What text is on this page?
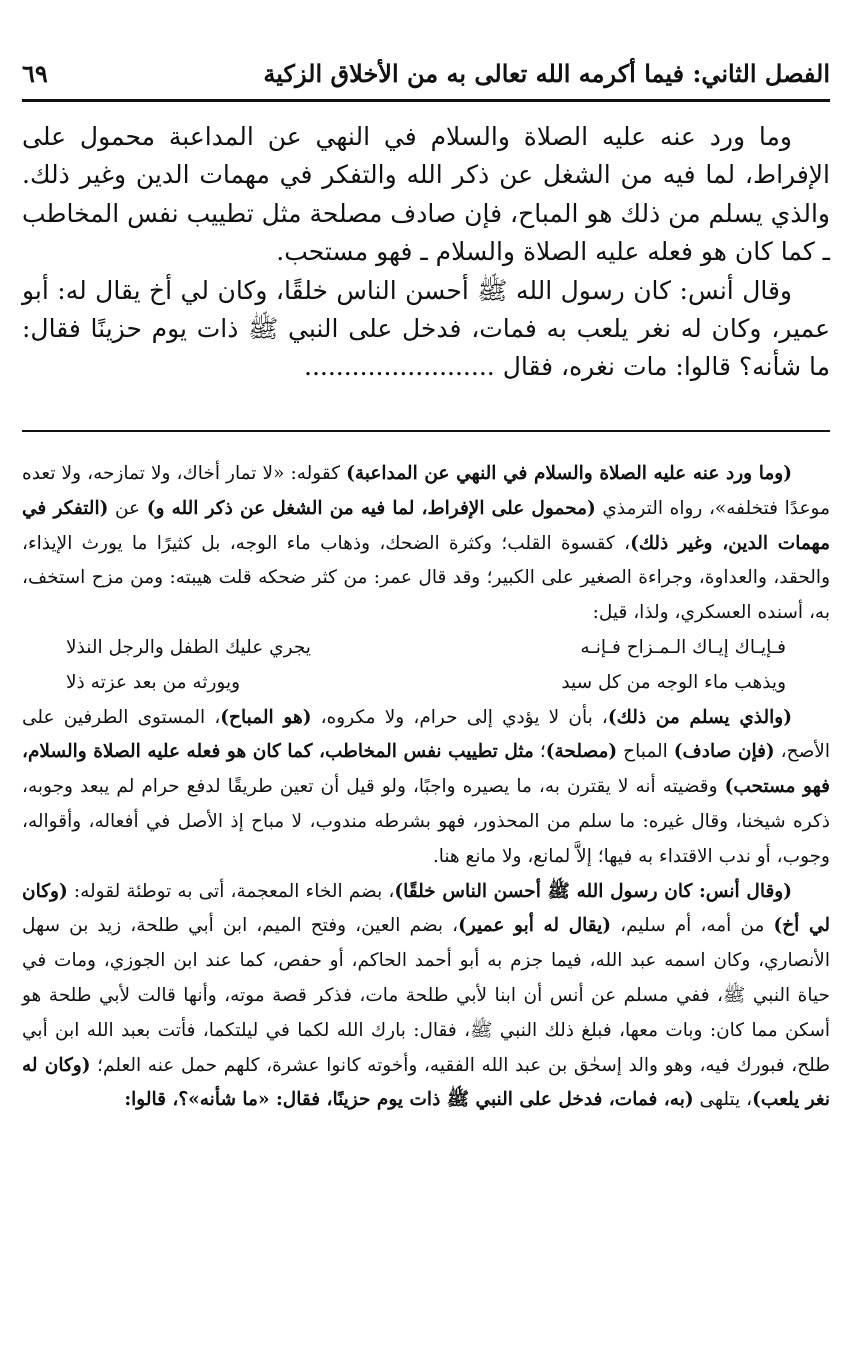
٦٩	الفصل الثاني: فيما أكرمه الله تعالى به من الأخلاق الزكية

وما ورد عنه عليه الصلاة والسلام في النهي عن المداعبة محمول على الإفراط، لما فيه من الشغل عن ذكر الله والتفكر في مهمات الدين وغير ذلك. والذي يسلم من ذلك هو المباح، فإن صادف مصلحة مثل تطييب نفس المخاطب ـ كما كان هو فعله عليه الصلاة والسلام ـ فهو مستحب.

وقال أنس: كان رسول الله ﷺ أحسن الناس خلقًا، وكان لي أخ يقال له: أبو عمير، وكان له نغر يلعب به فمات، فدخل على النبي ﷺ ذات يوم حزينًا فقال: ما شأنه؟ قالوا: مات نغره، فقال ........................

(وما ورد عنه عليه الصلاة والسلام في النهي عن المداعبة) كقوله: «لا تمار أخاك، ولا تمازحه، ولا تعده موعدًا فتخلفه»، رواه الترمذي (محمول على الإفراط، لما فيه من الشغل عن ذكر الله و) عن (التفكر في مهمات الدين، وغير ذلك)، كقسوة القلب؛ وكثرة الضحك، وذهاب ماء الوجه، بل كثيرًا ما يورث الإيذاء، والحقد، والعداوة، وجراءة الصغير على الكبير؛ وقد قال عمر: من كثر ضحكه قلت هيبته: ومن مزح استخف، به، أسنده العسكري، ولذا، قيل:

فـإيـاك إيـاك الـمـزاح فـإنـه
يجري عليك الطفل والرجل النذلا
ويذهب ماء الوجه من كل سيد
ويورثه من بعد عزته ذلا

(والذي يسلم من ذلك)، بأن لا يؤدي إلى حرام، ولا مكروه، (هو المباح)، المستوى الطرفين على الأصح، (فإن صادف) المباح (مصلحة)؛ مثل تطييب نفس المخاطب، كما كان هو فعله عليه الصلاة والسلام، فهو مستحب) وقضيته أنه لا يقترن به، ما يصيره واجبًا، ولو قيل أن تعين طريقًا لدفع حرام لم يبعد وجوبه، ذكره شيخنا، وقال غيره: ما سلم من المحذور، فهو بشرطه مندوب، لا مباح إذ الأصل في أفعاله، وأقواله، وجوب، أو ندب الاقتداء به فيها؛ إلاَّ لمانع، ولا مانع هنا.

(وقال أنس: كان رسول الله ﷺ أحسن الناس خلقًا)، بضم الخاء المعجمة، أتى به توطئة لقوله: (وكان لي أخ) من أمه، أم سليم، (يقال له أبو عمير)، بضم العين، وفتح الميم، ابن أبي طلحة، زيد بن سهل الأنصاري، وكان اسمه عبد الله، فيما جزم به أبو أحمد الحاكم، أو حفص، كما عند ابن الجوزي، ومات في حياة النبي ﷺ، ففي مسلم عن أنس أن ابنا لأبي طلحة مات، فذكر قصة موته، وأنها قالت لأبي طلحة هو أسكن مما كان: وبات معها، فبلغ ذلك النبي ﷺ، فقال: بارك الله لكما في ليلتكما، فأتت بعبد الله ابن أبي طلح، فبورك فيه، وهو والد إسحٰق بن عبد الله الفقيه، وأخوته كانوا عشرة، كلهم حمل عنه العلم؛ (وكان له نغر يلعب)، يتلهى (به، فمات، فدخل على النبي ﷺ ذات يوم حزينًا، فقال: «ما شأنه»؟، قالوا:
